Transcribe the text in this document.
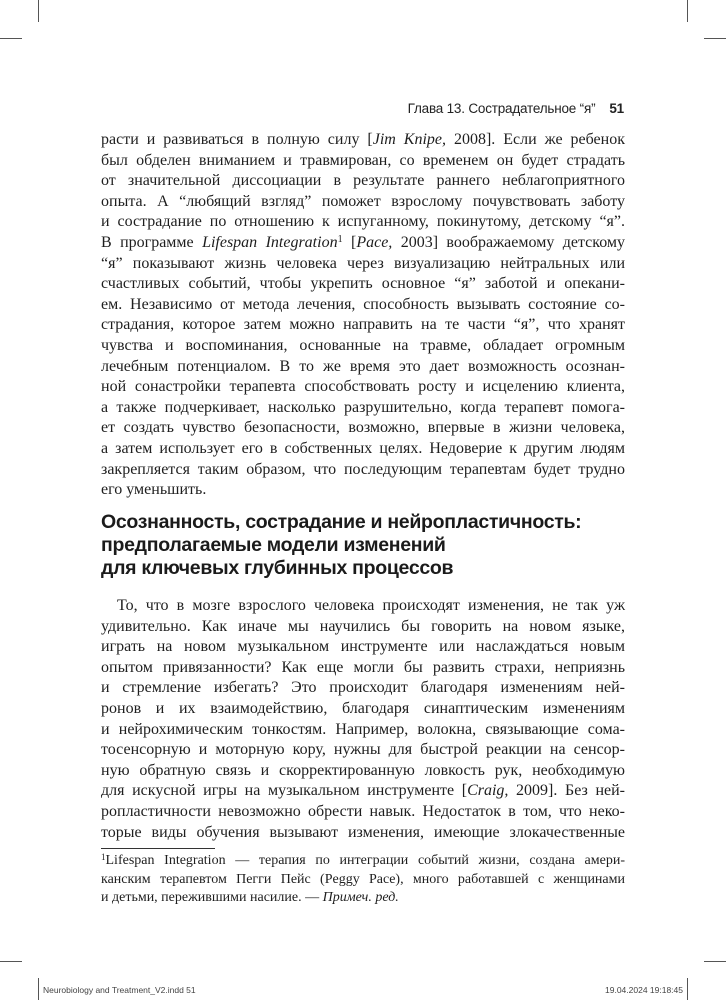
Глава 13. Сострадательное “я” 51
расти и развиваться в полную силу [Jim Knipe, 2008]. Если же ребенок
был обделен вниманием и травмирован, со временем он будет страдать
от значительной диссоциации в результате раннего неблагоприятного
опыта. А “любящий взгляд” поможет взрослому почувствовать заботу
и сострадание по отношению к испуганному, покинутому, детскому “я”.
В программе Lifespan Integration$^1$ [Pace, 2003] воображаемому детскому
“я” показывают жизнь человека через визуализацию нейтральных или
счастливых событий, чтобы укрепить основное “я” заботой и опекани-
ем. Независимо от метода лечения, способность вызывать состояние со-
страдания, которое затем можно направить на те части “я”, что хранят
чувства и воспоминания, основанные на травме, обладает огромным
лечебным потенциалом. В то же время это дает возможность осознан-
ной сонастройки терапевта способствовать росту и исцелению клиента,
а также подчеркивает, насколько разрушительно, когда терапевт помога-
ет создать чувство безопасности, возможно, впервые в жизни человека,
а затем использует его в собственных целях. Недоверие к другим людям
закрепляется таким образом, что последующим терапевтам будет трудно
его уменьшить.
Осознанность, сострадание и нейропластичность:
предполагаемые модели изменений
для ключевых глубинных процессов
То, что в мозге взрослого человека происходят изменения, не так уж
удивительно. Как иначе мы научились бы говорить на новом языке,
играть на новом музыкальном инструменте или наслаждаться новым
опытом привязанности? Как еще могли бы развить страхи, неприязнь
и стремление избегать? Это происходит благодаря изменениям ней-
ронов и их взаимодействию, благодаря синаптическим изменениям
и нейрохимическим тонкостям. Например, волокна, связывающие сома-
тосенсорную и моторную кору, нужны для быстрой реакции на сенсор-
ную обратную связь и скорректированную ловкость рук, необходимую
для искусной игры на музыкальном инструменте [Craig, 2009]. Без ней-
ропластичности невозможно обрести навык. Недостаток в том, что неко-
торые виды обучения вызывают изменения, имеющие злокачественные
$^1$Lifespan Integration — терапия по интеграции событий жизни, создана амери-
канским терапевтом Пегги Пейс (Peggy Pace), много работавшей с женщинами
и детьми, пережившими насилие. — Примеч. ред.
Neurobiology and Treatment_V2.indd 51	19.04.2024 19:18:45
